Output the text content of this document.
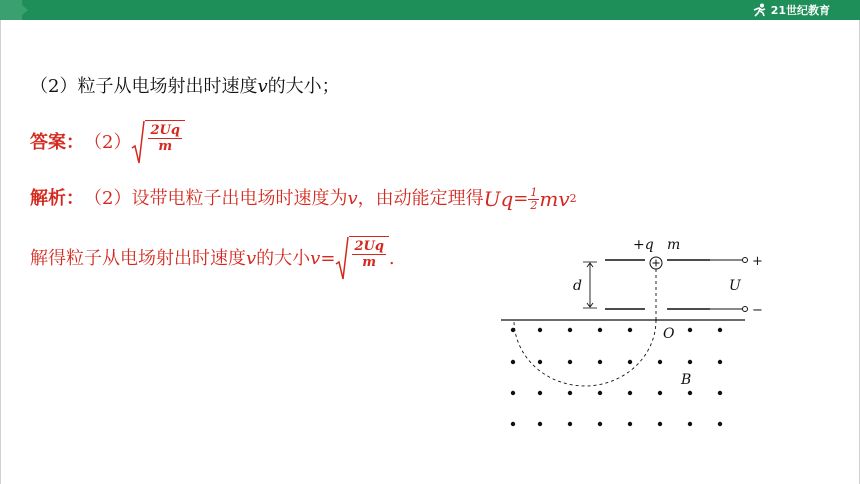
21世纪教育
（2）粒子从电场射出时速度v的大小；
答案： $(2) \frac{2Uq}{m}$
解析： （2）设带电粒子出电场时速度为 v ，由动能定理得 $Uq = \frac{1}{2}$ mv 2
解得粒子从电场射出时速度 v 的大小 $v = \frac{2Uq}{m}$ .
+q m
d	U
+
−
O
B
